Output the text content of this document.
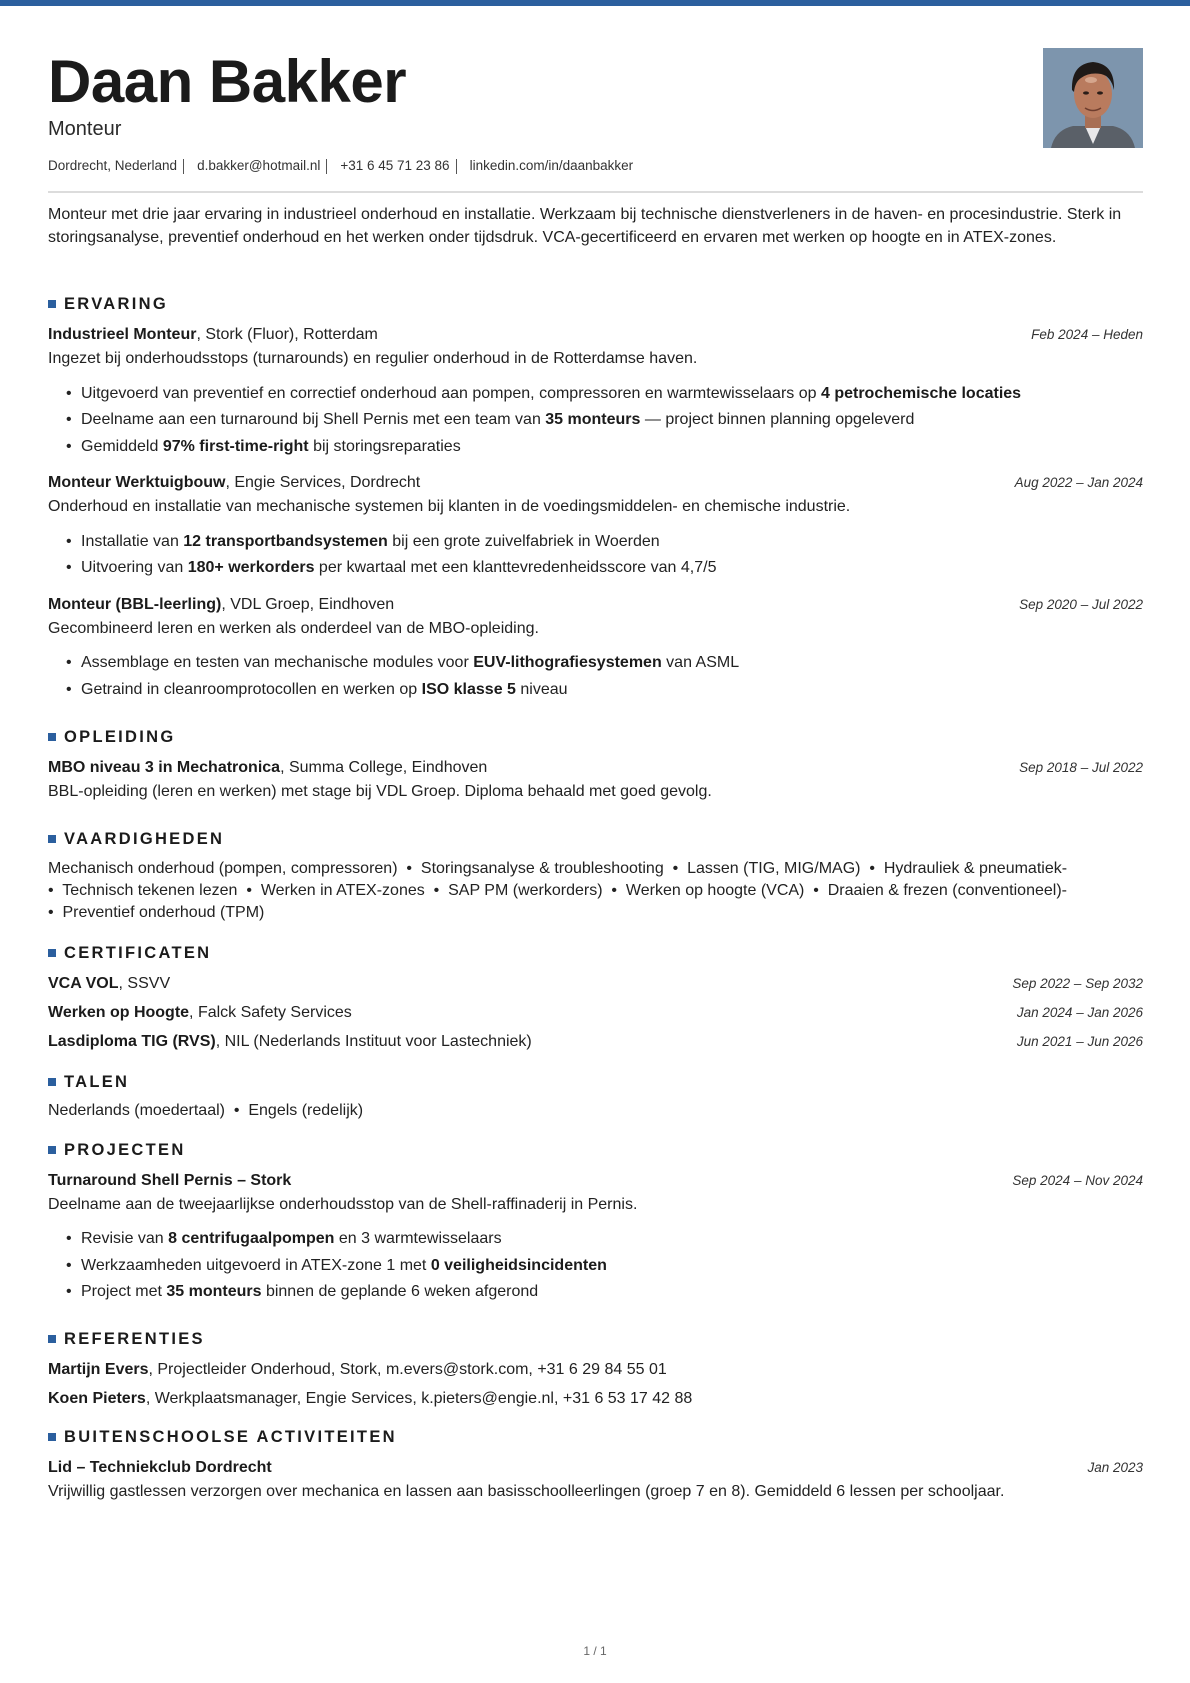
Daan Bakker
Monteur
Dordrecht, Nederland d.bakker@hotmail.nl +31 6 45 71 23 86 linkedin.com/in/daanbakker
Monteur met drie jaar ervaring in industrieel onderhoud en installatie. Werkzaam bij technische dienstverleners in de haven- en procesindustrie. Sterk in storingsanalyse, preventief onderhoud en het werken onder tijdsdruk. VCA-gecertificeerd en ervaren met werken op hoogte en in ATEX-zones.
ERVARING
Industrieel Monteur, Stork (Fluor), Rotterdam	Feb 2024 – Heden
Ingezet bij onderhoudsstops (turnarounds) en regulier onderhoud in de Rotterdamse haven.
• Uitgevoerd van preventief en correctief onderhoud aan pompen, compressoren en warmtewisselaars op 4 petrochemische locaties
• Deelname aan een turnaround bij Shell Pernis met een team van 35 monteurs — project binnen planning opgeleverd
• Gemiddeld 97% first-time-right bij storingsreparaties
Monteur Werktuigbouw, Engie Services, Dordrecht	Aug 2022 – Jan 2024
Onderhoud en installatie van mechanische systemen bij klanten in de voedingsmiddelen- en chemische industrie.
• Installatie van 12 transportbandsystemen bij een grote zuivelfabriek in Woerden
• Uitvoering van 180+ werkorders per kwartaal met een klanttevredenheidsscore van 4,7/5
Monteur (BBL-leerling), VDL Groep, Eindhoven	Sep 2020 – Jul 2022
Gecombineerd leren en werken als onderdeel van de MBO-opleiding.
• Assemblage en testen van mechanische modules voor EUV-lithografiesystemen van ASML
• Getraind in cleanroomprotocollen en werken op ISO klasse 5 niveau
OPLEIDING
MBO niveau 3 in Mechatronica, Summa College, Eindhoven	Sep 2018 – Jul 2022
BBL-opleiding (leren en werken) met stage bij VDL Groep. Diploma behaald met goed gevolg.
VAARDIGHEDEN
Mechanisch onderhoud (pompen, compressoren)  •  Storingsanalyse & troubleshooting  •  Lassen (TIG, MIG/MAG)  •  Hydrauliek & pneumatiek-
•  Technisch tekenen lezen  •  Werken in ATEX-zones  •  SAP PM (werkorders)  •  Werken op hoogte (VCA)  •  Draaien & frezen (conventioneel)-
•  Preventief onderhoud (TPM)
CERTIFICATEN
VCA VOL, SSVV	Sep 2022 – Sep 2032
Werken op Hoogte, Falck Safety Services	Jan 2024 – Jan 2026
Lasdiploma TIG (RVS), NIL (Nederlands Instituut voor Lastechniek)	Jun 2021 – Jun 2026
TALEN
Nederlands (moedertaal)  •  Engels (redelijk)
PROJECTEN
Turnaround Shell Pernis – Stork	Sep 2024 – Nov 2024
Deelname aan de tweejaarlijkse onderhoudsstop van de Shell-raffinaderij in Pernis.
• Revisie van 8 centrifugaalpompen en 3 warmtewisselaars
• Werkzaamheden uitgevoerd in ATEX-zone 1 met 0 veiligheidsincidenten
• Project met 35 monteurs binnen de geplande 6 weken afgerond
REFERENTIES
Martijn Evers, Projectleider Onderhoud, Stork, m.evers@stork.com, +31 6 29 84 55 01
Koen Pieters, Werkplaatsmanager, Engie Services, k.pieters@engie.nl, +31 6 53 17 42 88
BUITENSCHOOLSE ACTIVITEITEN
Lid – Techniekclub Dordrecht	Jan 2023
Vrijwillig gastlessen verzorgen over mechanica en lassen aan basisschoolleerlingen (groep 7 en 8). Gemiddeld 6 lessen per schooljaar.
1 / 1
